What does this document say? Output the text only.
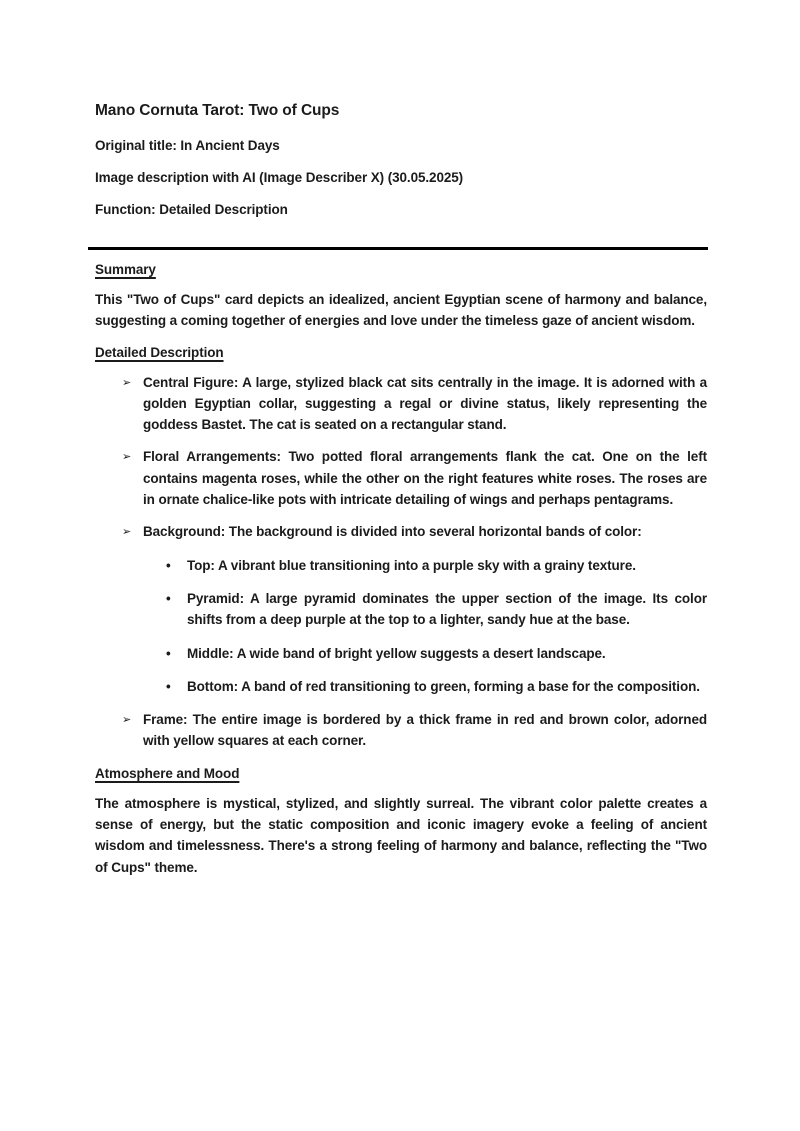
Mano Cornuta Tarot: Two of Cups

Original title: In Ancient Days

Image description with AI (Image Describer X) (30.05.2025)

Function: Detailed Description

Summary

This "Two of Cups" card depicts an idealized, ancient Egyptian scene of harmony and balance, suggesting a coming together of energies and love under the timeless gaze of ancient wisdom.

Detailed Description
➢ Central Figure: A large, stylized black cat sits centrally in the image. It is adorned with a golden Egyptian collar, suggesting a regal or divine status, likely representing the goddess Bastet. The cat is seated on a rectangular stand.
➢ Floral Arrangements: Two potted floral arrangements flank the cat. One on the left contains magenta roses, while the other on the right features white roses. The roses are in ornate chalice-like pots with intricate detailing of wings and perhaps pentagrams.
➢ Background: The background is divided into several horizontal bands of color:
• Top: A vibrant blue transitioning into a purple sky with a grainy texture.
• Pyramid: A large pyramid dominates the upper section of the image. Its color shifts from a deep purple at the top to a lighter, sandy hue at the base.
• Middle: A wide band of bright yellow suggests a desert landscape.
• Bottom: A band of red transitioning to green, forming a base for the composition.
➢ Frame: The entire image is bordered by a thick frame in red and brown color, adorned with yellow squares at each corner.
Atmosphere and Mood

The atmosphere is mystical, stylized, and slightly surreal. The vibrant color palette creates a sense of energy, but the static composition and iconic imagery evoke a feeling of ancient wisdom and timelessness. There's a strong feeling of harmony and balance, reflecting the "Two of Cups" theme.
